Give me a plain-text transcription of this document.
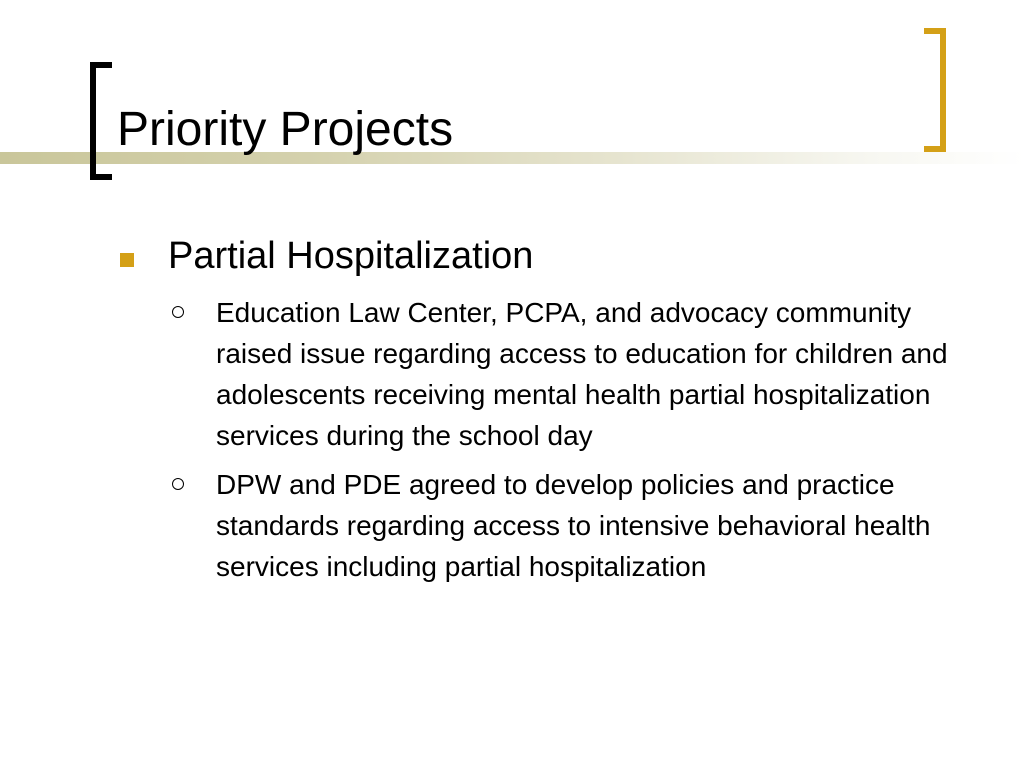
Priority Projects
Partial Hospitalization
Education Law Center, PCPA, and advocacy community raised issue regarding access to education for children and adolescents receiving mental health partial hospitalization services during the school day
DPW and PDE agreed to develop policies and practice standards regarding access to intensive behavioral health services including partial hospitalization
